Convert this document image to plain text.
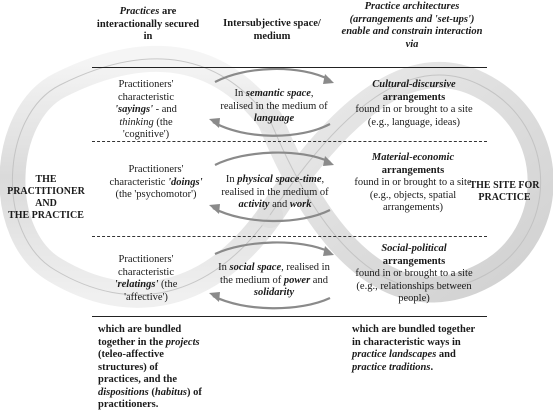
Practices are interactionally secured in
Intersubjective space/ medium
Practice architectures (arrangements and 'set-ups') enable and constrain interaction via
THE PRACTITIONER
AND
THE PRACTICE
THE SITE FOR
PRACTICE
Practitioners' characteristic 'sayings' - and thinking (the 'cognitive')
In semantic space, realised in the medium of language
Cultural-discursive
arrangements
found in or brought to a site (e.g., language, ideas)
Practitioners' characteristic 'doings' (the 'psychomotor')
In physical space-time, realised in the medium of activity and work
Material-economic
arrangements
found in or brought to a site (e.g., objects, spatial arrangements)
Practitioners' characteristic 'relatings' (the 'affective')
In social space, realised in the medium of power and solidarity
Social-political
arrangements
found in or brought to a site (e.g., relationships between people)
which are bundled together in the projects (teleo-affective structures) of practices, and the dispositions (habitus) of practitioners.
which are bundled together in characteristic ways in practice landscapes and practice traditions.
